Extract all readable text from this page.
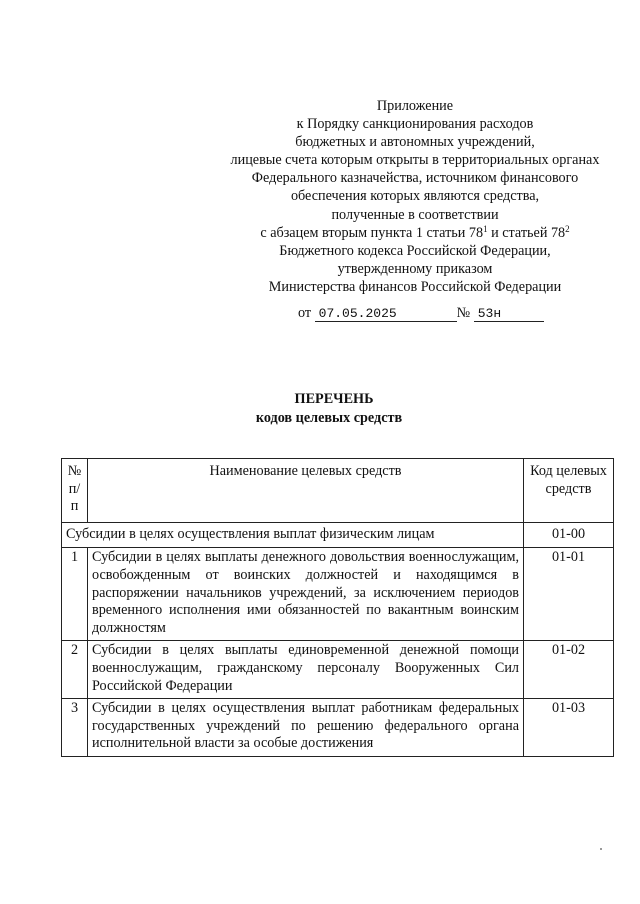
Приложение
к Порядку санкционирования расходов
бюджетных и автономных учреждений,
лицевые счета которым открыты в территориальных органах
Федерального казначейства, источником финансового
обеспечения которых являются средства,
полученные в соответствии
с абзацем вторым пункта 1 статьи $78^1$ и статьей $78^2$
Бюджетного кодекса Российской Федерации,
утвержденному приказом
Министерства финансов Российской Федерации
от 07.05.2025	№ 53н
ПЕРЕЧЕНЬ
кодов целевых средств
№ п/п	Наименование целевых средств	Код целевых средств
Субсидии в целях осуществления выплат физическим лицам		01-00
1	Субсидии в целях выплаты денежного довольствия военнослужащим, освобожденным от воинских должностей и находящимся в распоряжении начальников учреждений, за исключением периодов временного исполнения ими обязанностей по вакантным воинским должностям	01-01
2	Субсидии в целях выплаты единовременной денежной помощи военнослужащим, гражданскому персоналу Вооруженных Сил Российской Федерации	01-02
3	Субсидии в целях осуществления выплат работникам федеральных государственных учреждений по решению федерального органа исполнительной власти за особые достижения	01-03
